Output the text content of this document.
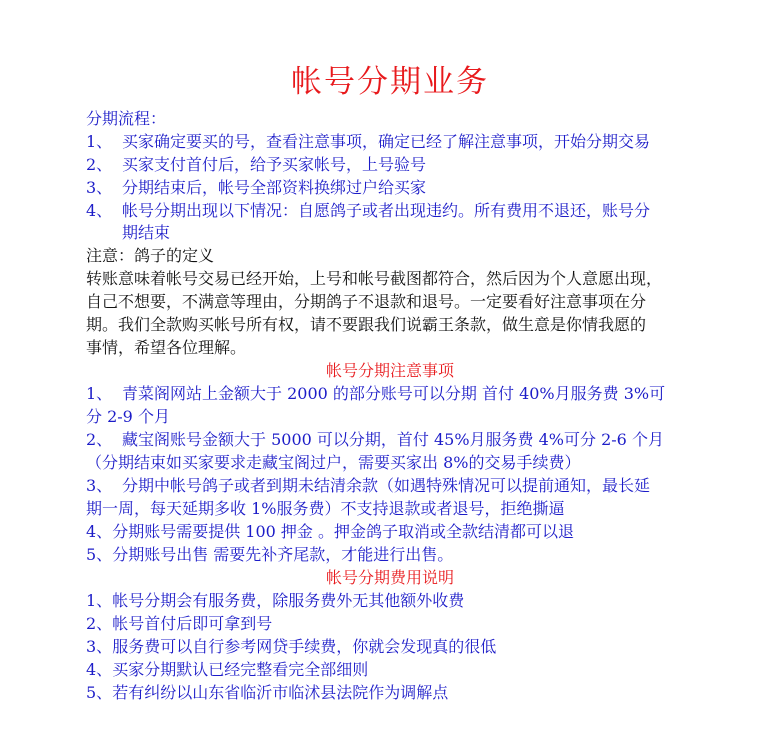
帐号分期业务
分期流程：
1、 买家确定要买的号，查看注意事项，确定已经了解注意事项，开始分期交易
2、 买家支付首付后，给予买家帐号，上号验号
3、 分期结束后，帐号全部资料换绑过户给买家
4、 帐号分期出现以下情况：自愿鸽子或者出现违约。所有费用不退还，账号分
期结束
注意：鸽子的定义
转账意味着帐号交易已经开始，上号和帐号截图都符合，然后因为个人意愿出现，
自己不想要，不满意等理由，分期鸽子不退款和退号。一定要看好注意事项在分
期。我们全款购买帐号所有权，请不要跟我们说霸王条款，做生意是你情我愿的
事情，希望各位理解。
帐号分期注意事项
1、 青菜阁网站上金额大于 2000 的部分账号可以分期 首付 40%月服务费 3%可
分 2-9 个月
2、 藏宝阁账号金额大于 5000 可以分期，首付 45%月服务费 4%可分 2-6 个月
（分期结束如买家要求走藏宝阁过户，需要买家出 8%的交易手续费）
3、 分期中帐号鸽子或者到期未结清余款（如遇特殊情况可以提前通知，最长延
期一周，每天延期多收 1%服务费）不支持退款或者退号，拒绝撕逼
4、分期账号需要提供 100 押金 。押金鸽子取消或全款结清都可以退
5、分期账号出售 需要先补齐尾款，才能进行出售。
帐号分期费用说明
1、帐号分期会有服务费，除服务费外无其他额外收费
2、帐号首付后即可拿到号
3、服务费可以自行参考网贷手续费，你就会发现真的很低
4、买家分期默认已经完整看完全部细则
5、若有纠纷以山东省临沂市临沭县法院作为调解点
